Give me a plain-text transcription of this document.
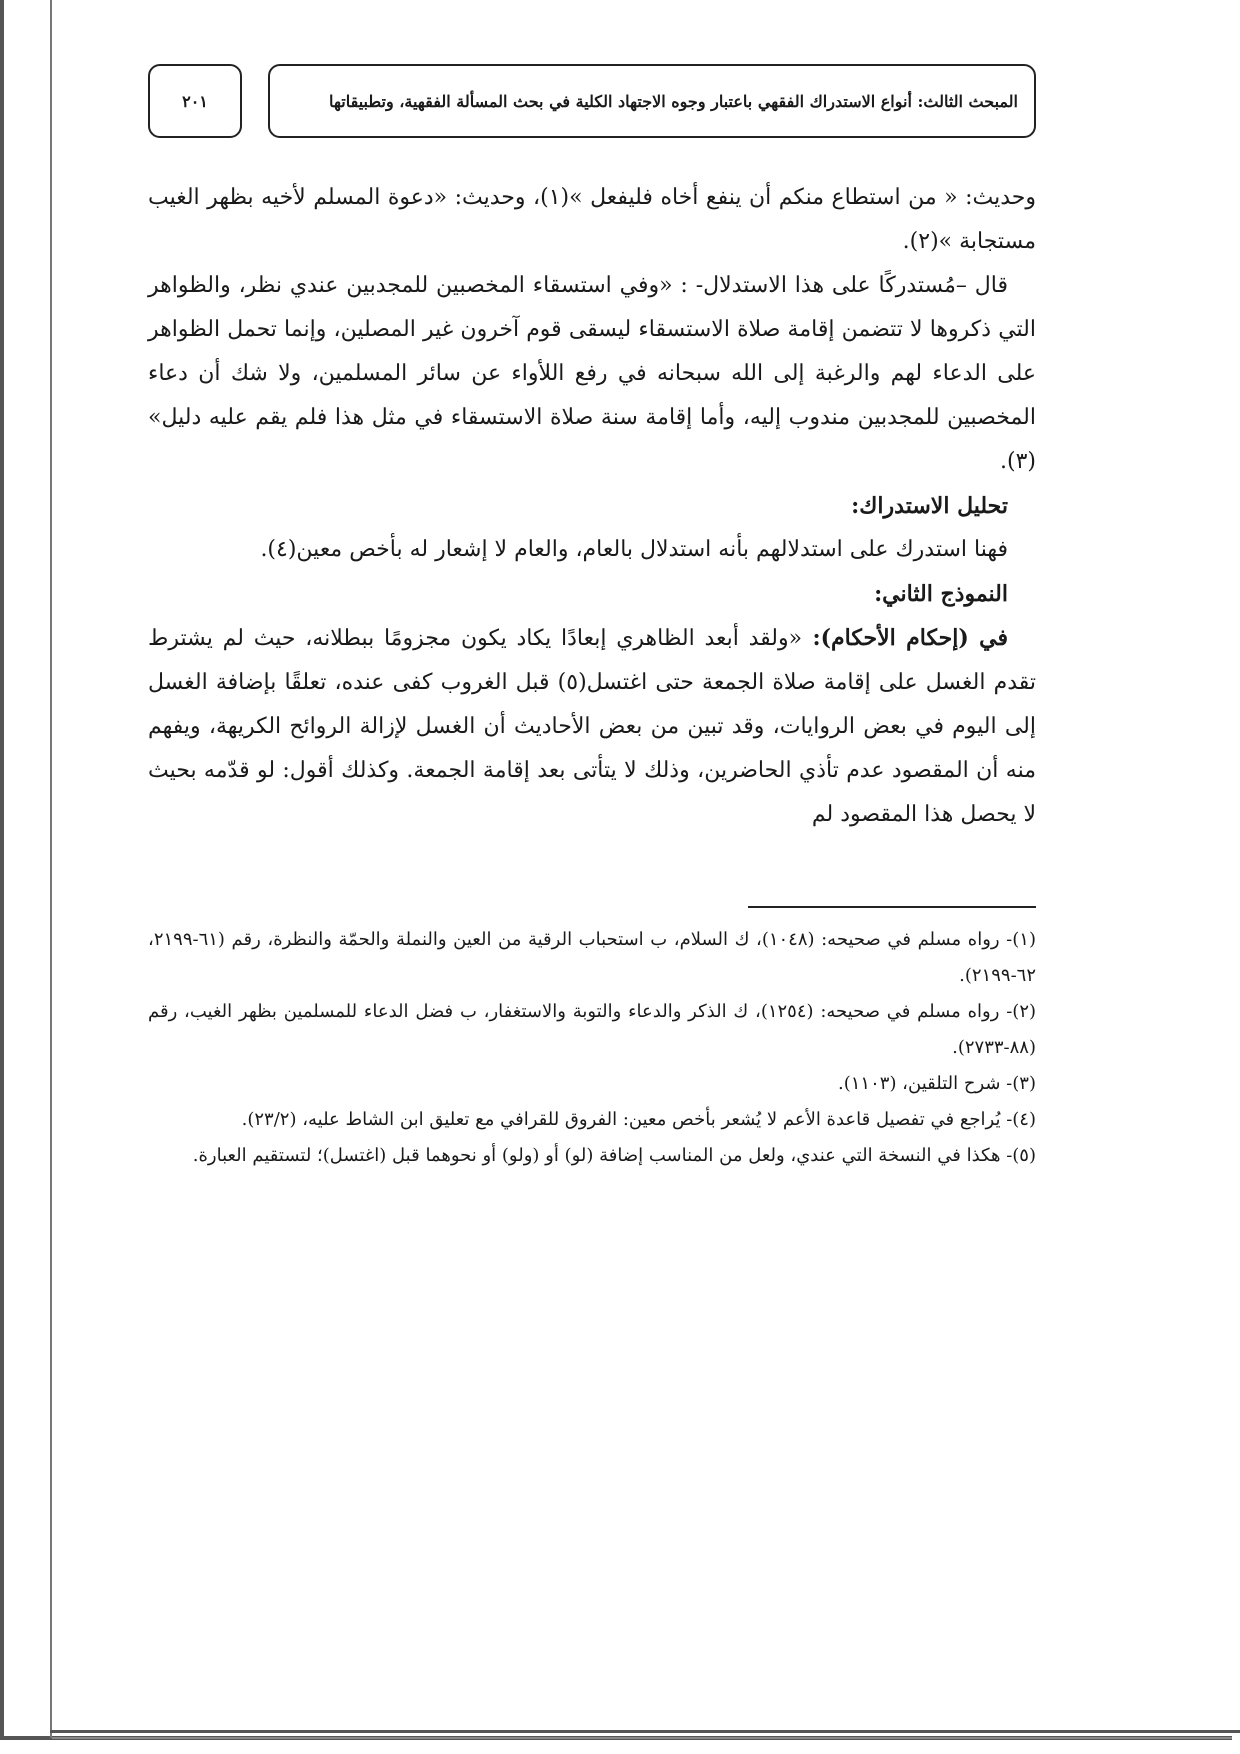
المبحث الثالث: أنواع الاستدراك الفقهي باعتبار وجوه الاجتهاد الكلية في بحث المسألة الفقهية، وتطبيقاتها
٢٠١

وحديث: « من استطاع منكم أن ينفع أخاه فليفعل »(١)، وحديث: «دعوة المسلم لأخيه بظهر الغيب مستجابة »(٢).

قال –مُستدركًا على هذا الاستدلال- : «وفي استسقاء المخصبين للمجدبين عندي نظر، والظواهر التي ذكروها لا تتضمن إقامة صلاة الاستسقاء ليسقى قوم آخرون غير المصلين، وإنما تحمل الظواهر على الدعاء لهم والرغبة إلى الله سبحانه في رفع اللأواء عن سائر المسلمين، ولا شك أن دعاء المخصبين للمجدبين مندوب إليه، وأما إقامة سنة صلاة الاستسقاء في مثل هذا فلم يقم عليه دليل» (٣).

تحليل الاستدراك:

فهنا استدرك على استدلالهم بأنه استدلال بالعام، والعام لا إشعار له بأخص معين(٤).

النموذج الثاني:

في (إحكام الأحكام): «ولقد أبعد الظاهري إبعادًا يكاد يكون مجزومًا ببطلانه، حيث لم يشترط تقدم الغسل على إقامة صلاة الجمعة حتى اغتسل(٥) قبل الغروب كفى عنده، تعلقًا بإضافة الغسل إلى اليوم في بعض الروايات، وقد تبين من بعض الأحاديث أن الغسل لإزالة الروائح الكريهة، ويفهم منه أن المقصود عدم تأذي الحاضرين، وذلك لا يتأتى بعد إقامة الجمعة. وكذلك أقول: لو قدّمه بحيث لا يحصل هذا المقصود لم

(١)- رواه مسلم في صحيحه: (١٠٤٨)، ك السلام، ب استحباب الرقية من العين والنملة والحمّة والنظرة، رقم (٦١-٢١٩٩، ٦٢-٢١٩٩).

(٢)- رواه مسلم في صحيحه: (١٢٥٤)، ك الذكر والدعاء والتوبة والاستغفار، ب فضل الدعاء للمسلمين بظهر الغيب، رقم (٨٨-٢٧٣٣).

(٣)- شرح التلقين، (١١٠٣).

(٤)- يُراجع في تفصيل قاعدة الأعم لا يُشعر بأخص معين: الفروق للقرافي مع تعليق ابن الشاط عليه، (٢٣/٢).

(٥)- هكذا في النسخة التي عندي، ولعل من المناسب إضافة (لو) أو (ولو) أو نحوهما قبل (اغتسل)؛ لتستقيم العبارة.
